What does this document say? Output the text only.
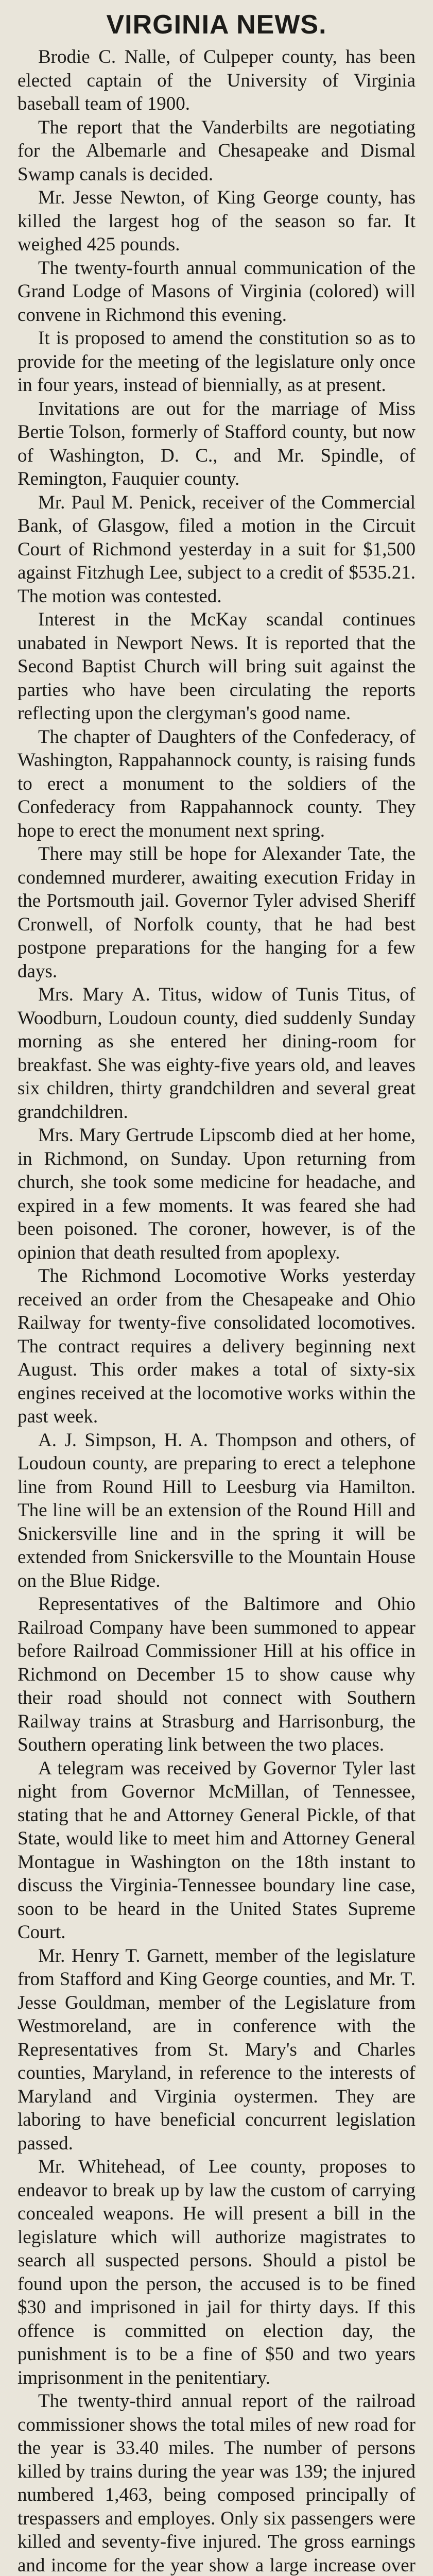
VIRGINIA NEWS.

Brodie C. Nalle, of Culpeper county, has been elected captain of the University of Virginia baseball team of 1900.

The report that the Vanderbilts are negotiating for the Albemarle and Chesapeake and Dismal Swamp canals is decided.

Mr. Jesse Newton, of King George county, has killed the largest hog of the season so far. It weighed 425 pounds.

The twenty-fourth annual communication of the Grand Lodge of Masons of Virginia (colored) will convene in Richmond this evening.

It is proposed to amend the constitution so as to provide for the meeting of the legislature only once in four years, instead of biennially, as at present.

Invitations are out for the marriage of Miss Bertie Tolson, formerly of Stafford county, but now of Washington, D. C., and Mr. Spindle, of Remington, Fauquier county.

Mr. Paul M. Penick, receiver of the Commercial Bank, of Glasgow, filed a motion in the Circuit Court of Richmond yesterday in a suit for $1,500 against Fitzhugh Lee, subject to a credit of $535.21. The motion was contested.

Interest in the McKay scandal continues unabated in Newport News. It is reported that the Second Baptist Church will bring suit against the parties who have been circulating the reports reflecting upon the clergyman's good name.

The chapter of Daughters of the Confederacy, of Washington, Rappahannock county, is raising funds to erect a monument to the soldiers of the Confederacy from Rappahannock county. They hope to erect the monument next spring.

There may still be hope for Alexander Tate, the condemned murderer, awaiting execution Friday in the Portsmouth jail. Governor Tyler advised Sheriff Cronwell, of Norfolk county, that he had best postpone preparations for the hanging for a few days.

Mrs. Mary A. Titus, widow of Tunis Titus, of Woodburn, Loudoun county, died suddenly Sunday morning as she entered her dining-room for breakfast. She was eighty-five years old, and leaves six children, thirty grandchildren and several great grandchildren.

Mrs. Mary Gertrude Lipscomb died at her home, in Richmond, on Sunday. Upon returning from church, she took some medicine for headache, and expired in a few moments. It was feared she had been poisoned. The coroner, however, is of the opinion that death resulted from apoplexy.

The Richmond Locomotive Works yesterday received an order from the Chesapeake and Ohio Railway for twenty-five consolidated locomotives. The contract requires a delivery beginning next August. This order makes a total of sixty-six engines received at the locomotive works within the past week.

A. J. Simpson, H. A. Thompson and others, of Loudoun county, are preparing to erect a telephone line from Round Hill to Leesburg via Hamilton. The line will be an extension of the Round Hill and Snickersville line and in the spring it will be extended from Snickersville to the Mountain House on the Blue Ridge.

Representatives of the Baltimore and Ohio Railroad Company have been summoned to appear before Railroad Commissioner Hill at his office in Richmond on December 15 to show cause why their road should not connect with Southern Railway trains at Strasburg and Harrisonburg, the Southern operating link between the two places.

A telegram was received by Governor Tyler last night from Governor McMillan, of Tennessee, stating that he and Attorney General Pickle, of that State, would like to meet him and Attorney General Montague in Washington on the 18th instant to discuss the Virginia-Tennessee boundary line case, soon to be heard in the United States Supreme Court.

Mr. Henry T. Garnett, member of the legislature from Stafford and King George counties, and Mr. T. Jesse Gouldman, member of the Legislature from Westmoreland, are in conference with the Representatives from St. Mary's and Charles counties, Maryland, in reference to the interests of Maryland and Virginia oystermen. They are laboring to have beneficial concurrent legislation passed.

Mr. Whitehead, of Lee county, proposes to endeavor to break up by law the custom of carrying concealed weapons. He will present a bill in the legislature which will authorize magistrates to search all suspected persons. Should a pistol be found upon the person, the accused is to be fined $30 and imprisoned in jail for thirty days. If this offence is committed on election day, the punishment is to be a fine of $50 and two years imprisonment in the penitentiary.

The twenty-third annual report of the railroad commissioner shows the total miles of new road for the year is 33.40 miles. The number of persons killed by trains during the year was 139; the injured numbered 1,463, being composed principally of trespassers and employes. Only six passengers were killed and seventy-five injured. The gross earnings and income for the year show a large increase over
